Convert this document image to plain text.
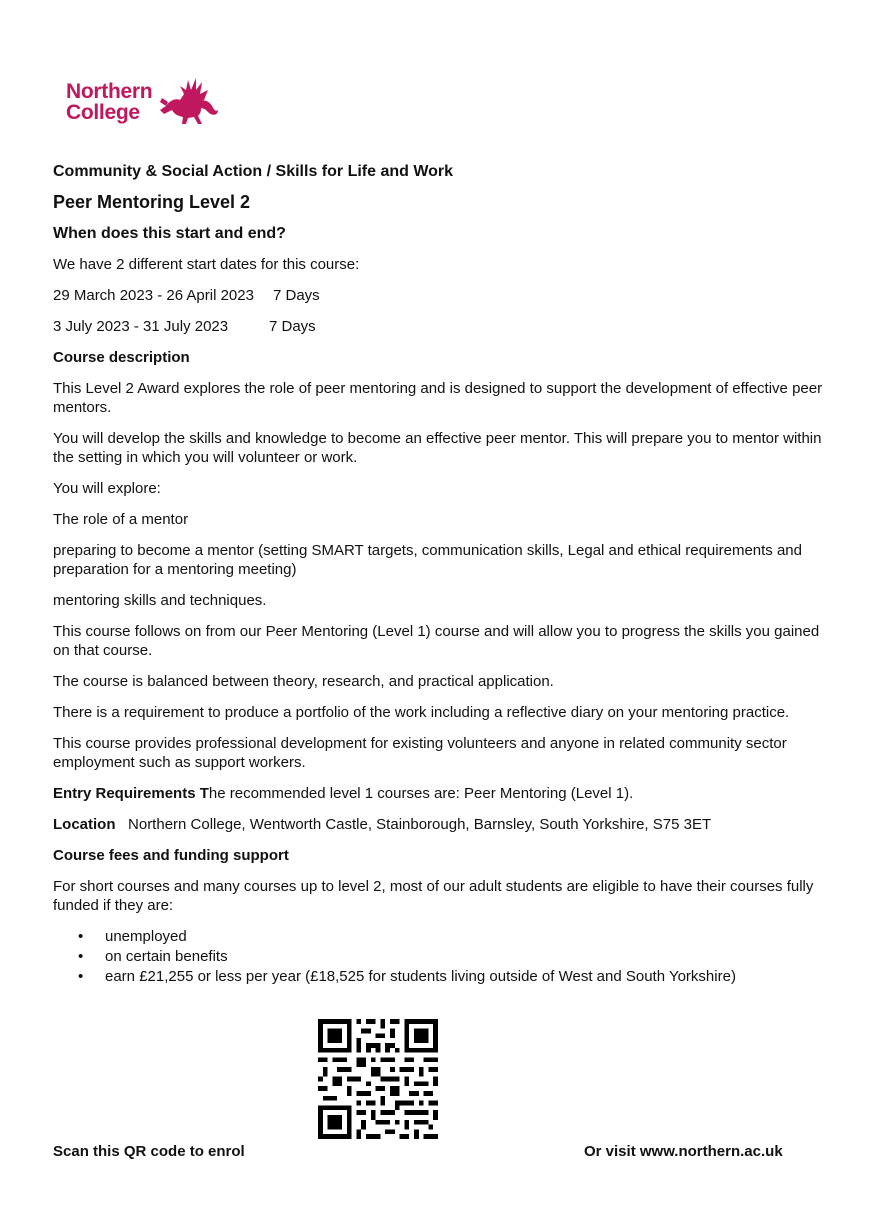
Northern
College

Community & Social Action / Skills for Life and Work

Peer Mentoring Level 2

When does this start and end?

We have 2 different start dates for this course:

29 March 2023 - 26 April 2023	7 Days

3 July 2023 - 31 July 2023	7 Days

Course description

This Level 2 Award explores the role of peer mentoring and is designed to support the development of effective peer mentors.

You will develop the skills and knowledge to become an effective peer mentor. This will prepare you to mentor within the setting in which you will volunteer or work.

You will explore:

The role of a mentor

preparing to become a mentor (setting SMART targets, communication skills, Legal and ethical requirements and preparation for a mentoring meeting)

mentoring skills and techniques.

This course follows on from our Peer Mentoring (Level 1) course and will allow you to progress the skills you gained on that course.

The course is balanced between theory, research, and practical application.

There is a requirement to produce a portfolio of the work including a reflective diary on your mentoring practice.

This course provides professional development for existing volunteers and anyone in related community sector employment such as support workers.

Entry Requirements The recommended level 1 courses are: Peer Mentoring (Level 1).

Location Northern College, Wentworth Castle, Stainborough, Barnsley, South Yorkshire, S75 3ET

Course fees and funding support

For short courses and many courses up to level 2, most of our adult students are eligible to have their courses fully funded if they are:

• unemployed
• on certain benefits
• earn £21,255 or less per year (£18,525 for students living outside of West and South Yorkshire)
Scan this QR code to enrol	Or visit www.northern.ac.uk
